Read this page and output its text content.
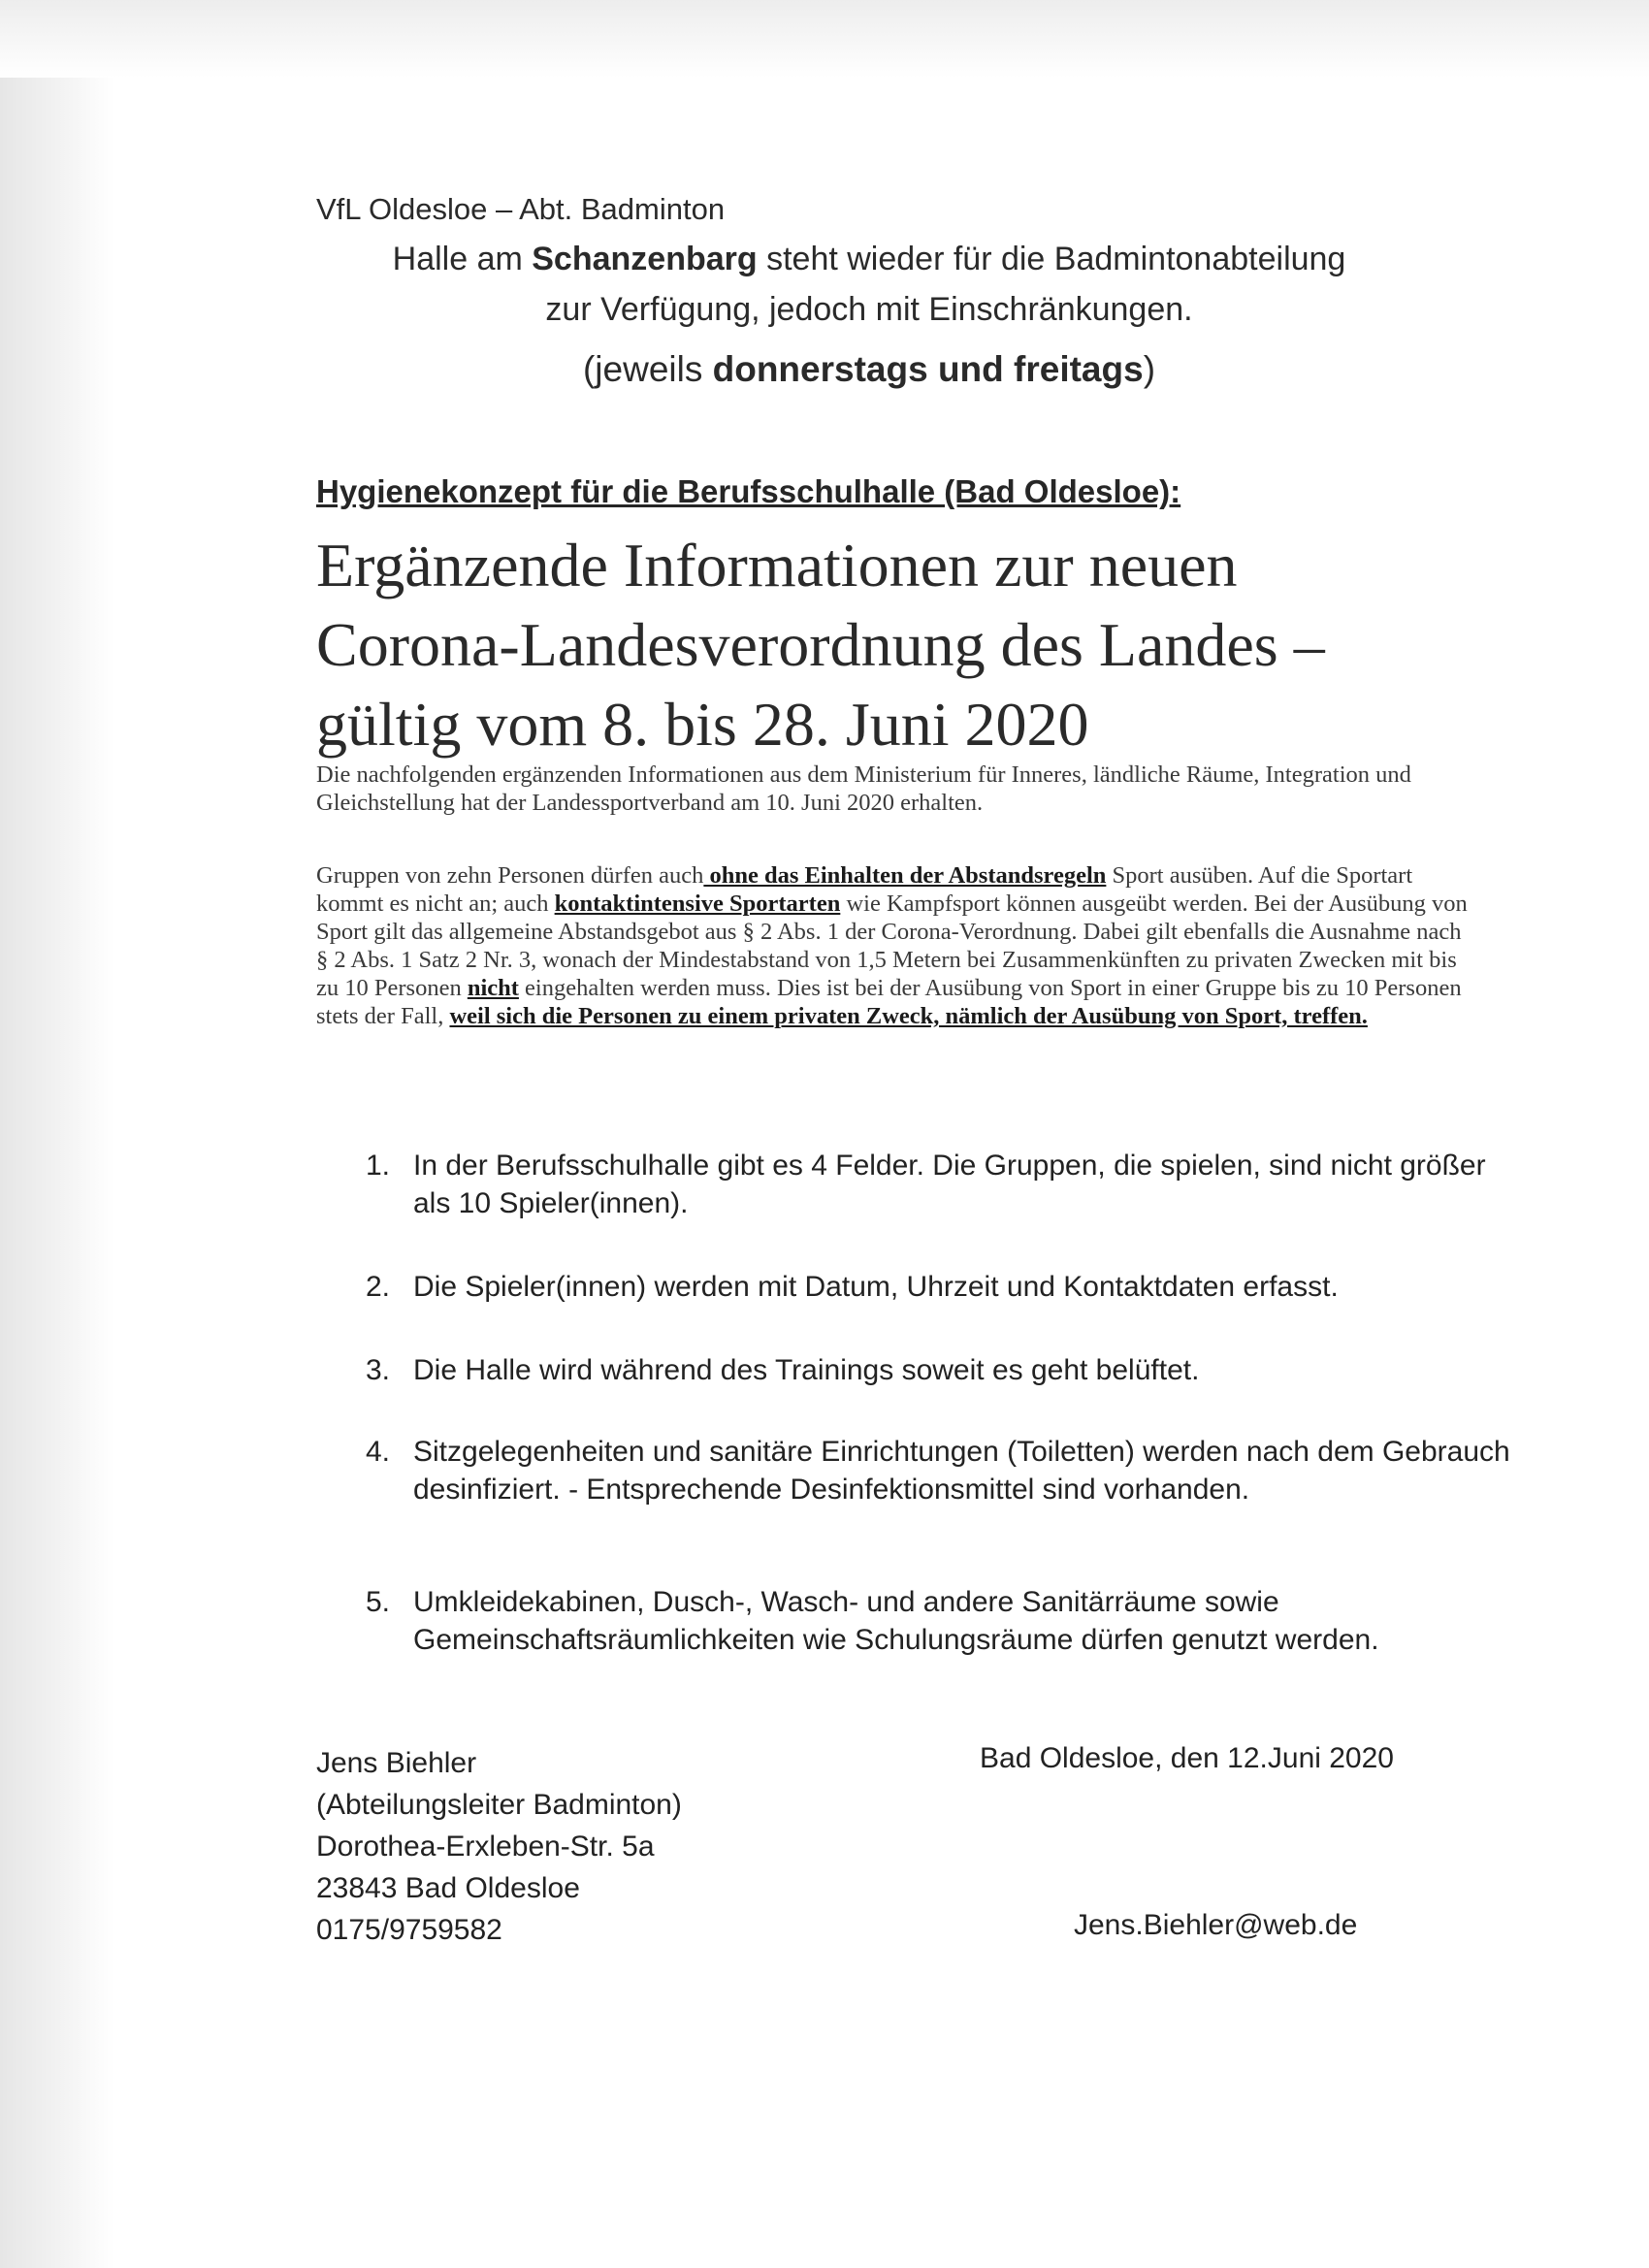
VfL Oldesloe – Abt. Badminton
Halle am Schanzenbarg steht wieder für die Badmintonabteilung
zur Verfügung, jedoch mit Einschränkungen.
(jeweils donnerstags und freitags)
Hygienekonzept für die Berufsschulhalle (Bad Oldesloe):
Ergänzende Informationen zur neuen
Corona-Landesverordnung des Landes –
gültig vom 8. bis 28. Juni 2020
Die nachfolgenden ergänzenden Informationen aus dem Ministerium für Inneres, ländliche Räume, Integration und Gleichstellung hat der Landessportverband am 10. Juni 2020 erhalten.
Gruppen von zehn Personen dürfen auch ohne das Einhalten der Abstandsregeln Sport ausüben. Auf die Sportart kommt es nicht an; auch kontaktintensive Sportarten wie Kampfsport können ausgeübt werden. Bei der Ausübung von Sport gilt das allgemeine Abstandsgebot aus § 2 Abs. 1 der Corona-Verordnung. Dabei gilt ebenfalls die Ausnahme nach § 2 Abs. 1 Satz 2 Nr. 3, wonach der Mindestabstand von 1,5 Metern bei Zusammenkünften zu privaten Zwecken mit bis zu 10 Personen nicht eingehalten werden muss. Dies ist bei der Ausübung von Sport in einer Gruppe bis zu 10 Personen stets der Fall, weil sich die Personen zu einem privaten Zweck, nämlich der Ausübung von Sport, treffen.
1. In der Berufsschulhalle gibt es 4 Felder. Die Gruppen, die spielen, sind nicht größer als 10 Spieler(innen).
2. Die Spieler(innen) werden mit Datum, Uhrzeit und Kontaktdaten erfasst.
3. Die Halle wird während des Trainings soweit es geht belüftet.
4. Sitzgelegenheiten und sanitäre Einrichtungen (Toiletten) werden nach dem Gebrauch desinfiziert. - Entsprechende Desinfektionsmittel sind vorhanden.
5. Umkleidekabinen, Dusch-, Wasch- und andere Sanitärräume sowie Gemeinschaftsräumlichkeiten wie Schulungsräume dürfen genutzt werden.
Jens Biehler
(Abteilungsleiter Badminton)
Dorothea-Erxleben-Str. 5a
23843 Bad Oldesloe
0175/9759582
Bad Oldesloe, den 12.Juni 2020
Jens.Biehler@web.de
